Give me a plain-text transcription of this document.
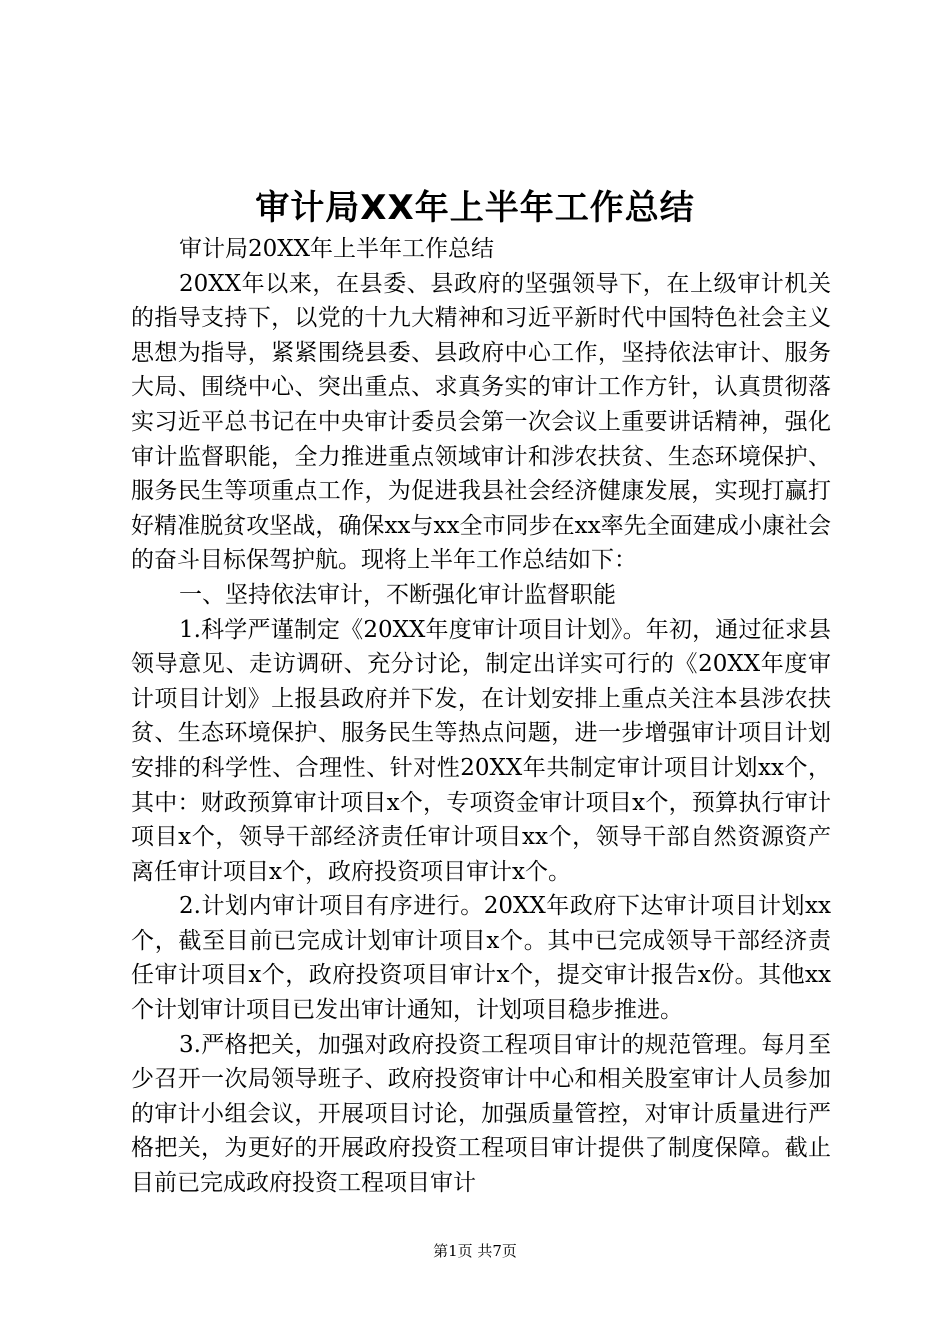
审计局XX年上半年工作总结

审计局20XX年上半年工作总结

20XX年以来，在县委、县政府的坚强领导下，在上级审计机关的指导支持下，以党的十九大精神和习近平新时代中国特色社会主义思想为指导，紧紧围绕县委、县政府中心工作，坚持依法审计、服务大局、围绕中心、突出重点、求真务实的审计工作方针，认真贯彻落实习近平总书记在中央审计委员会第一次会议上重要讲话精神，强化审计监督职能，全力推进重点领域审计和涉农扶贫、生态环境保护、服务民生等项重点工作，为促进我县社会经济健康发展，实现打赢打好精准脱贫攻坚战，确保xx与xx全市同步在xx率先全面建成小康社会的奋斗目标保驾护航。现将上半年工作总结如下：

一、坚持依法审计，不断强化审计监督职能

1.科学严谨制定《20XX年度审计项目计划》。年初，通过征求县领导意见、走访调研、充分讨论，制定出详实可行的《20XX年度审计项目计划》上报县政府并下发，在计划安排上重点关注本县涉农扶贫、生态环境保护、服务民生等热点问题，进一步增强审计项目计划安排的科学性、合理性、针对性20XX年共制定审计项目计划xx个，其中：财政预算审计项目x个，专项资金审计项目x个，预算执行审计项目x个，领导干部经济责任审计项目xx个，领导干部自然资源资产离任审计项目x个，政府投资项目审计x个。

2.计划内审计项目有序进行。20XX年政府下达审计项目计划xx个，截至目前已完成计划审计项目x个。其中已完成领导干部经济责任审计项目x个，政府投资项目审计x个，提交审计报告x份。其他xx个计划审计项目已发出审计通知，计划项目稳步推进。

3.严格把关，加强对政府投资工程项目审计的规范管理。每月至少召开一次局领导班子、政府投资审计中心和相关股室审计人员参加的审计小组会议，开展项目讨论，加强质量管控，对审计质量进行严格把关，为更好的开展政府投资工程项目审计提供了制度保障。截止目前已完成政府投资工程项目审计

第1页 共7页
